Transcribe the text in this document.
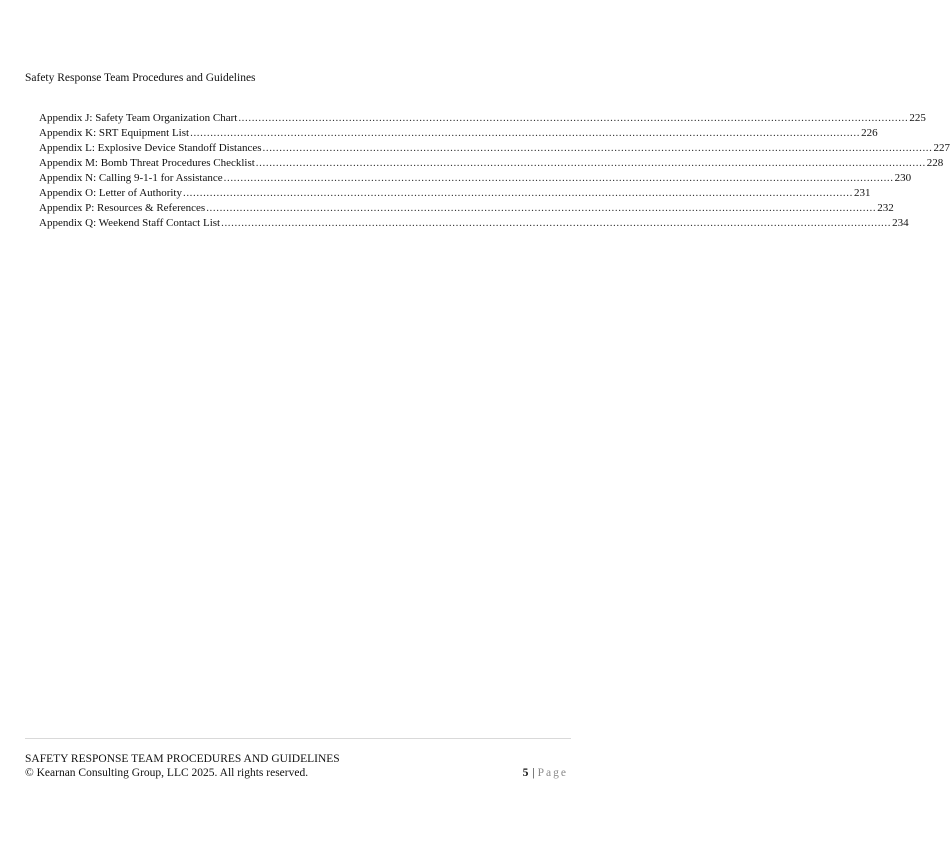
Safety Response Team Procedures and Guidelines
Appendix J: Safety Team Organization Chart ........................................................................................................................................................................................................ 225
Appendix K: SRT Equipment List ........................................................................................................................................................................................................ 226
Appendix L: Explosive Device Standoff Distances ........................................................................................................................................................................................................ 227
Appendix M: Bomb Threat Procedures Checklist ........................................................................................................................................................................................................ 228
Appendix N: Calling 9-1-1 for Assistance ........................................................................................................................................................................................................ 230
Appendix O: Letter of Authority ........................................................................................................................................................................................................ 231
Appendix P: Resources & References ........................................................................................................................................................................................................ 232
Appendix Q: Weekend Staff Contact List ........................................................................................................................................................................................................ 234
SAFETY RESPONSE TEAM PROCEDURES AND GUIDELINES
© Kearnan Consulting Group, LLC 2025. All rights reserved.	5 | Page
